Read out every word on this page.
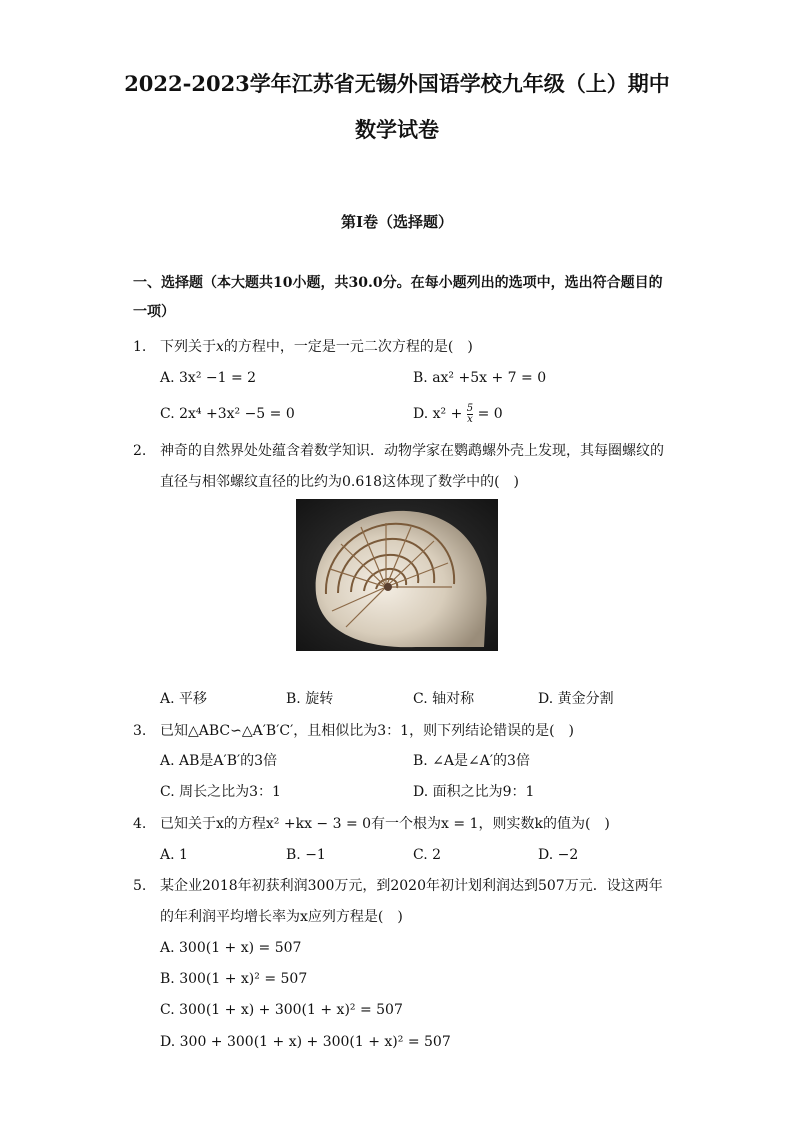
2022-2023学年江苏省无锡外国语学校九年级（上）期中
数学试卷
第I卷（选择题）
一、选择题（本大题共10小题，共30.0分。在每小题列出的选项中，选出符合题目的一项）
1. 下列关于x的方程中，一定是一元二次方程的是(　)
A. 3x² −1 = 2	B. ax² +5x + 7 = 0
C. 2x⁴ +3x² −5 = 0	D. $x^2 + \frac{5}{x} = 0$
2. 神奇的自然界处处蕴含着数学知识．动物学家在鹦鹉螺外壳上发现，其每圈螺纹的直径与相邻螺纹直径的比约为0.618这体现了数学中的(　)
A. 平移	B. 旋转	C. 轴对称	D. 黄金分割
3. 已知△ABC∽△A′B′C′，且相似比为3：1，则下列结论错误的是(　)
A. AB是A′B′的3倍	B. ∠A是∠A′的3倍
C. 周长之比为3：1	D. 面积之比为9：1
4. 已知关于x的方程x² +kx − 3 = 0有一个根为x = 1，则实数k的值为(　)
A. 1	B. −1	C. 2	D. −2
5. 某企业2018年初获利润300万元，到2020年初计划利润达到507万元．设这两年的年利润平均增长率为x应列方程是(　)
A. 300(1 + x) = 507
B. 300(1 + x)² = 507
C. 300(1 + x) + 300(1 + x)² = 507
D. 300 + 300(1 + x) + 300(1 + x)² = 507
